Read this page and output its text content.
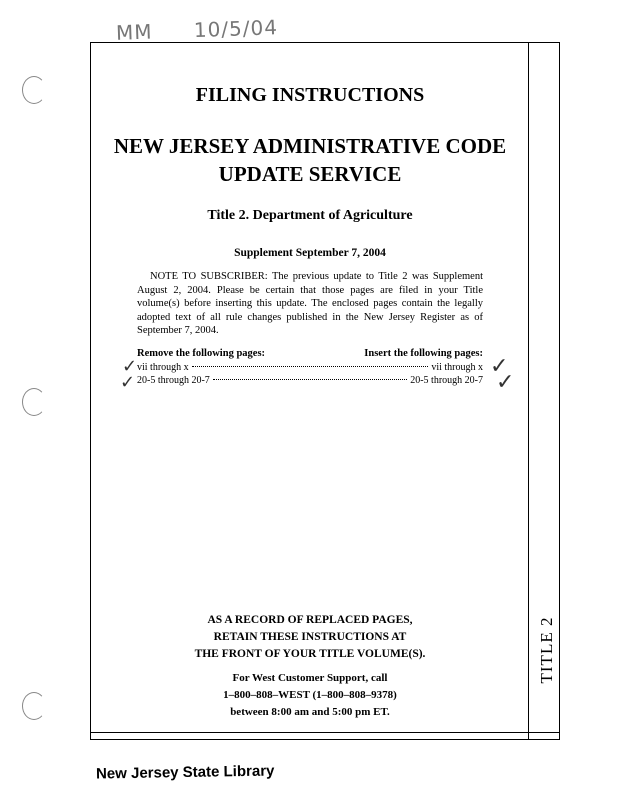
MM 10/5/04
TITLE 2
FILING INSTRUCTIONS
NEW JERSEY ADMINISTRATIVE CODE
UPDATE SERVICE
Title 2. Department of Agriculture
Supplement September 7, 2004
NOTE TO SUBSCRIBER: The previous update to Title 2 was Supplement August 2, 2004. Please be certain that those pages are filed in your Title volume(s) before inserting this update. The enclosed pages contain the legally adopted text of all rule changes published in the New Jersey Register as of September 7, 2004.
Remove the following pages:	Insert the following pages:
vii through x	vii through x
20-5 through 20-7	20-5 through 20-7
✓
✓
✓
✓
AS A RECORD OF REPLACED PAGES,
RETAIN THESE INSTRUCTIONS AT
THE FRONT OF YOUR TITLE VOLUME(S).
For West Customer Support, call
1–800–808–WEST (1–800–808–9378)
between 8:00 am and 5:00 pm ET.
New Jersey State Library
